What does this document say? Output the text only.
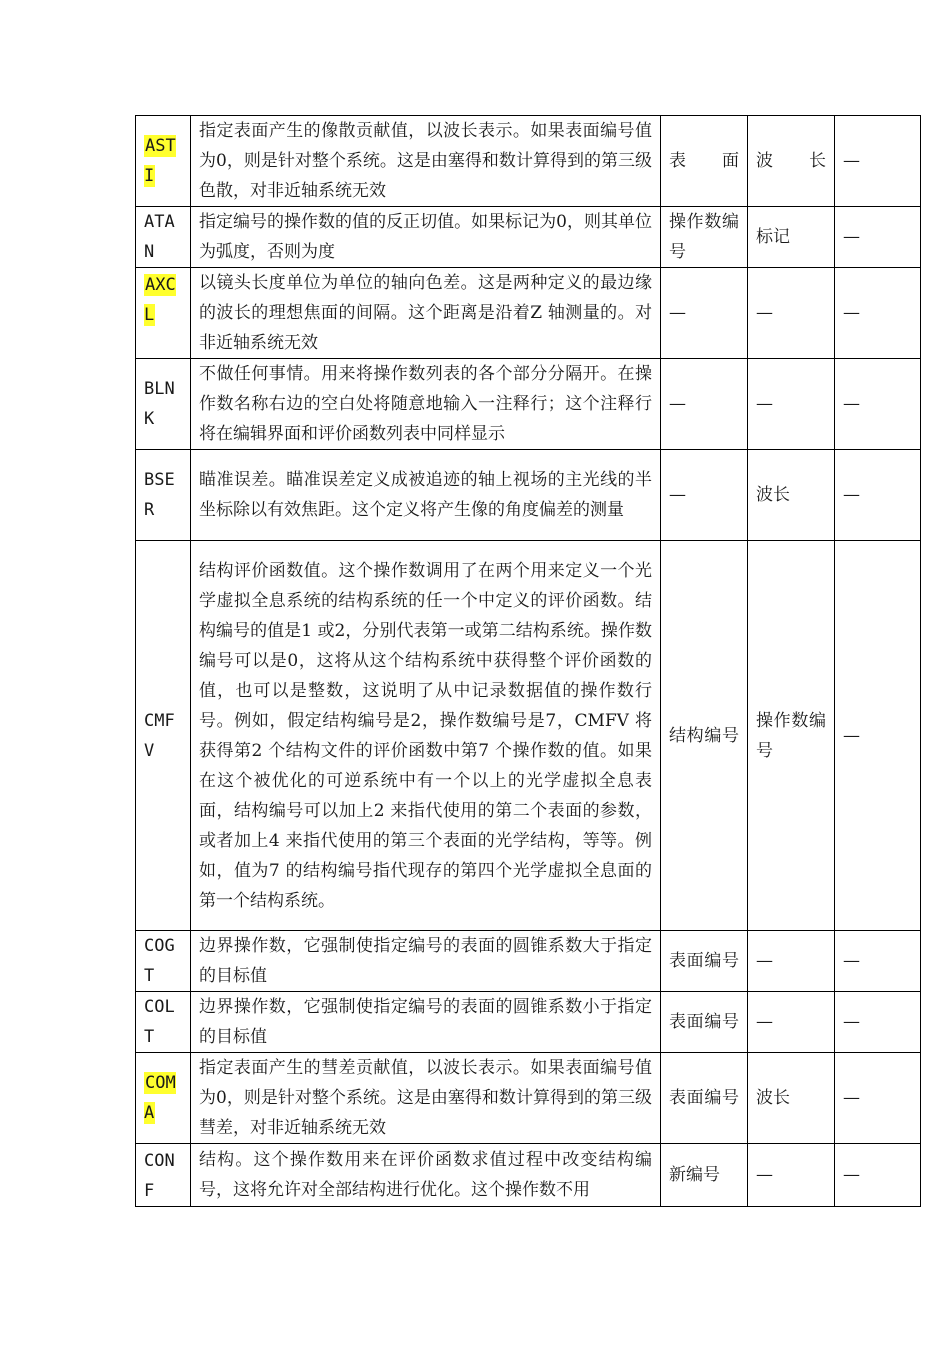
ASTI	指定表面产生的像散贡献值，以波长表示。如果表面编号值为0，则是针对整个系统。这是由塞得和数计算得到的第三级色散，对非近轴系统无效	表面	波长	—
ATAN	指定编号的操作数的值的反正切值。如果标记为0，则其单位为弧度，否则为度	操作数编号	标记	—
AXCL	以镜头长度单位为单位的轴向色差。这是两种定义的最边缘的波长的理想焦面的间隔。这个距离是沿着Z 轴测量的。对非近轴系统无效	—	—	—
BLNK	不做任何事情。用来将操作数列表的各个部分分隔开。在操作数名称右边的空白处将随意地输入一注释行；这个注释行将在编辑界面和评价函数列表中同样显示	—	—	—
BSER	瞄准误差。瞄准误差定义成被追迹的轴上视场的主光线的半坐标除以有效焦距。这个定义将产生像的角度偏差的测量	—	波长	—
CMFV	结构评价函数值。这个操作数调用了在两个用来定义一个光学虚拟全息系统的结构系统的任一个中定义的评价函数。结构编号的值是1 或2，分别代表第一或第二结构系统。操作数编号可以是0，这将从这个结构系统中获得整个评价函数的值，也可以是整数，这说明了从中记录数据值的操作数行号。例如，假定结构编号是2，操作数编号是7，CMFV 将获得第2 个结构文件的评价函数中第7 个操作数的值。如果在这个被优化的可逆系统中有一个以上的光学虚拟全息表面，结构编号可以加上2 来指代使用的第二个表面的参数，或者加上4 来指代使用的第三个表面的光学结构，等等。例如，值为7 的结构编号指代现存的第四个光学虚拟全息面的第一个结构系统。	结构编号	操作数编号	—
COGT	边界操作数，它强制使指定编号的表面的圆锥系数大于指定的目标值	表面编号	—	—
COLT	边界操作数，它强制使指定编号的表面的圆锥系数小于指定的目标值	表面编号	—	—
COMA	指定表面产生的彗差贡献值，以波长表示。如果表面编号值为0，则是针对整个系统。这是由塞得和数计算得到的第三级彗差，对非近轴系统无效	表面编号	波长	—
CONF	结构。这个操作数用来在评价函数求值过程中改变结构编号，这将允许对全部结构进行优化。这个操作数不用	新编号	—	—
